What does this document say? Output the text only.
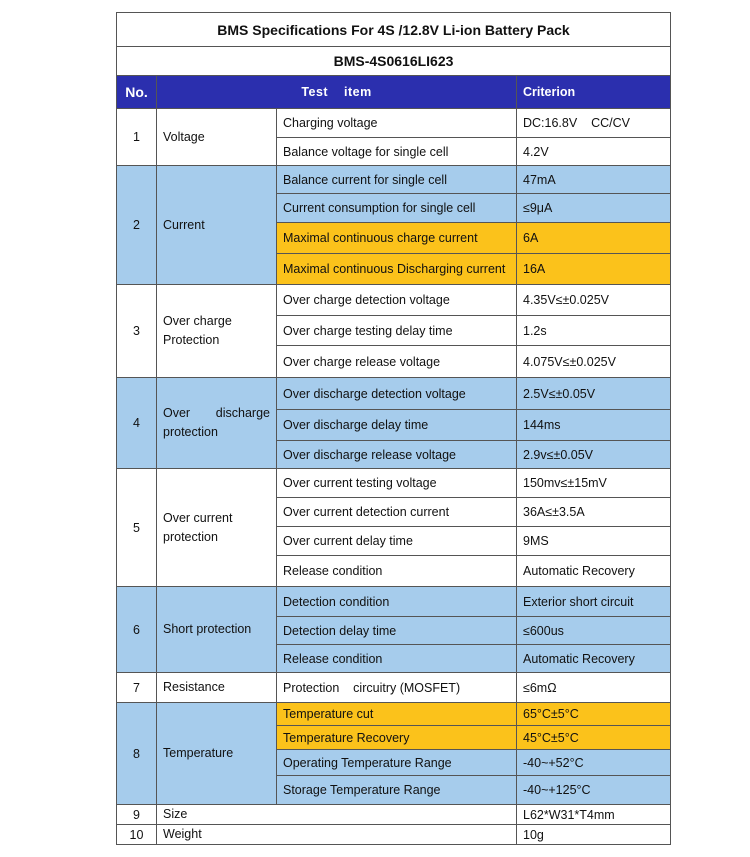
BMS Specifications For 4S /12.8V Li-ion Battery Pack			
BMS-4S0616LI623			
No.	Test    item		Criterion
1	Voltage	Charging voltage	DC:16.8V    CC/CV
		Balance voltage for single cell	4.2V
2	Current	Balance current for single cell	47mA
		Current consumption for single cell	≤9μA
		Maximal continuous charge current	6A
		Maximal continuous Discharging current	16A
3	Over charge Protection	Over charge detection voltage	4.35V≤±0.025V
		Over charge testing delay time	1.2s
		Over charge release voltage	4.075V≤±0.025V
4	Over discharge protection	Over discharge detection voltage	2.5V≤±0.05V
		Over discharge delay time	144ms
		Over discharge release voltage	2.9v≤±0.05V
5	Over current protection	Over current testing voltage	150mv≤±15mV
		Over current detection current	36A≤±3.5A
		Over current delay time	9MS
		Release condition	Automatic Recovery
6	Short protection	Detection condition	Exterior short circuit
		Detection delay time	≤600us
		Release condition	Automatic Recovery
7	Resistance	Protection    circuitry (MOSFET)	≤6mΩ
8	Temperature	Temperature cut	65°C±5°C
		Temperature Recovery	45°C±5°C
		Operating Temperature Range	-40~+52°C
		Storage Temperature Range	-40~+125°C
9	Size		L62*W31*T4mm
10	Weight		10g
